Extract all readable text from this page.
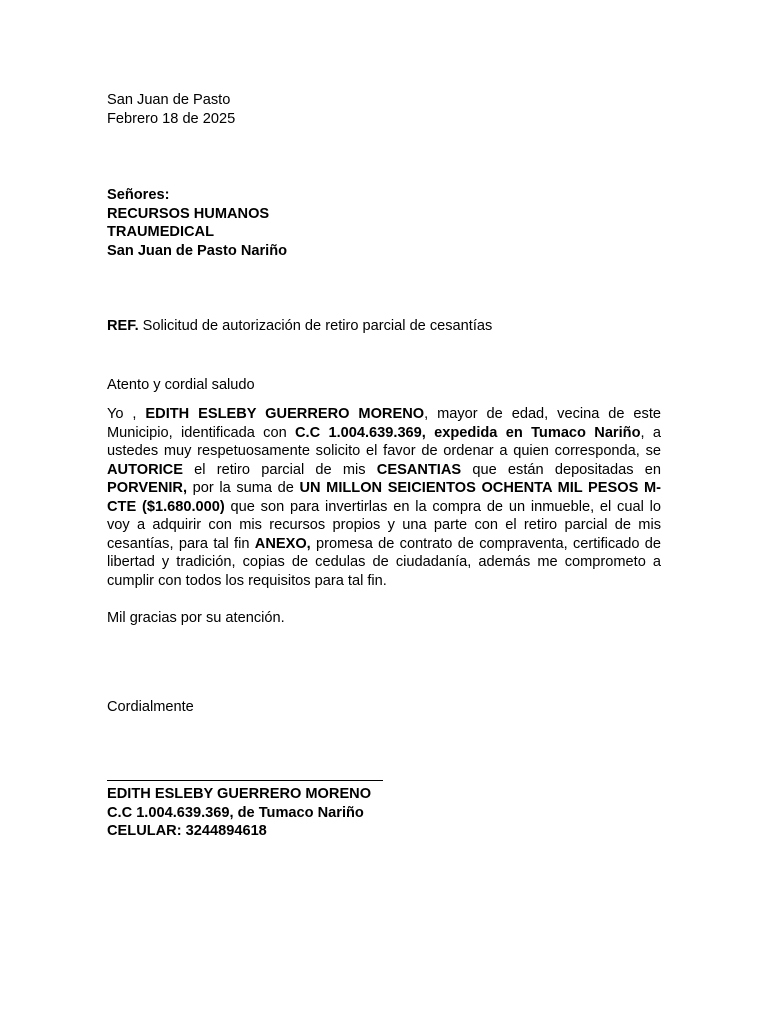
San Juan de Pasto
Febrero 18 de 2025
Señores:
RECURSOS HUMANOS
TRAUMEDICAL
San Juan de Pasto Nariño

REF. Solicitud de autorización de retiro parcial de cesantías

Atento y cordial saludo

Yo , EDITH ESLEBY GUERRERO MORENO, mayor de edad, vecina de este Municipio, identificada con C.C 1.004.639.369, expedida en Tumaco Nariño, a ustedes muy respetuosamente solicito el favor de ordenar a quien corresponda, se AUTORICE el retiro parcial de mis CESANTIAS que están depositadas en PORVENIR, por la suma de UN MILLON SEICIENTOS OCHENTA MIL PESOS M- CTE ($1.680.000) que son para invertirlas en la compra de un inmueble, el cual lo voy a adquirir con mis recursos propios y una parte con el retiro parcial de mis cesantías, para tal fin ANEXO, promesa de contrato de compraventa, certificado de libertad y tradición, copias de cedulas de ciudadanía, además me comprometo a cumplir con todos los requisitos para tal fin.

Mil gracias por su atención.

Cordialmente

EDITH ESLEBY GUERRERO MORENO
C.C 1.004.639.369, de Tumaco Nariño
CELULAR: 3244894618
